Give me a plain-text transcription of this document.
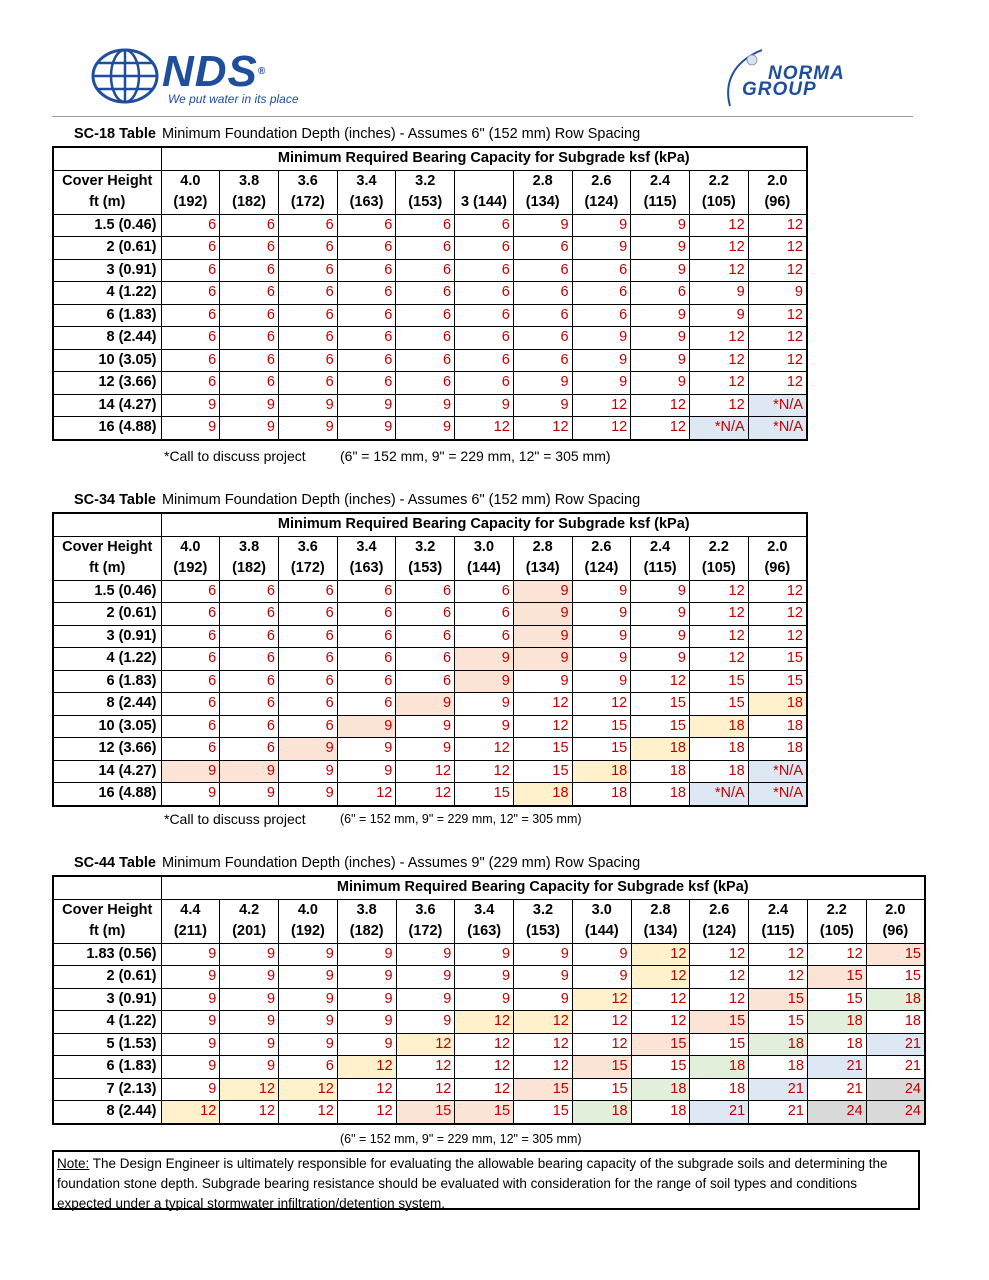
NDS®
We put water in its place
NORMA
GROUP
SC-18 Table Minimum Foundation Depth (inches) - Assumes 6" (152 mm) Row Spacing
	Minimum Required Bearing Capacity for Subgrade ksf (kPa)										
Cover Height	4.0	3.8	3.6	3.4	3.2		2.8	2.6	2.4	2.2	2.0
ft (m)	(192)	(182)	(172)	(163)	(153)	3 (144)	(134)	(124)	(115)	(105)	(96)
1.5 (0.46)	6	6	6	6	6	6	9	9	9	12	12
2 (0.61)	6	6	6	6	6	6	6	9	9	12	12
3 (0.91)	6	6	6	6	6	6	6	6	9	12	12
4 (1.22)	6	6	6	6	6	6	6	6	6	9	9
6 (1.83)	6	6	6	6	6	6	6	6	9	9	12
8 (2.44)	6	6	6	6	6	6	6	9	9	12	12
10 (3.05)	6	6	6	6	6	6	6	9	9	12	12
12 (3.66)	6	6	6	6	6	6	9	9	9	12	12
14 (4.27)	9	9	9	9	9	9	9	12	12	12	*N/A
16 (4.88)	9	9	9	9	9	12	12	12	12	*N/A	*N/A
*Call to discuss project (6" = 152 mm, 9" = 229 mm, 12" = 305 mm)
SC-34 Table Minimum Foundation Depth (inches) - Assumes 6" (152 mm) Row Spacing
	Minimum Required Bearing Capacity for Subgrade ksf (kPa)										
Cover Height	4.0	3.8	3.6	3.4	3.2	3.0	2.8	2.6	2.4	2.2	2.0
ft (m)	(192)	(182)	(172)	(163)	(153)	(144)	(134)	(124)	(115)	(105)	(96)
1.5 (0.46)	6	6	6	6	6	6	9	9	9	12	12
2 (0.61)	6	6	6	6	6	6	9	9	9	12	12
3 (0.91)	6	6	6	6	6	6	9	9	9	12	12
4 (1.22)	6	6	6	6	6	9	9	9	9	12	15
6 (1.83)	6	6	6	6	6	9	9	9	12	15	15
8 (2.44)	6	6	6	6	9	9	12	12	15	15	18
10 (3.05)	6	6	6	9	9	9	12	15	15	18	18
12 (3.66)	6	6	9	9	9	12	15	15	18	18	18
14 (4.27)	9	9	9	9	12	12	15	18	18	18	*N/A
16 (4.88)	9	9	9	12	12	15	18	18	18	*N/A	*N/A
*Call to discuss project	(6" = 152 mm, 9" = 229 mm, 12" = 305 mm)
SC-44 Table Minimum Foundation Depth (inches) - Assumes 9" (229 mm) Row Spacing
	Minimum Required Bearing Capacity for Subgrade ksf (kPa)												
Cover Height	4.4	4.2	4.0	3.8	3.6	3.4	3.2	3.0	2.8	2.6	2.4	2.2	2.0
ft (m)	(211)	(201)	(192)	(182)	(172)	(163)	(153)	(144)	(134)	(124)	(115)	(105)	(96)
1.83 (0.56)	9	9	9	9	9	9	9	9	12	12	12	12	15
2 (0.61)	9	9	9	9	9	9	9	9	12	12	12	15	15
3 (0.91)	9	9	9	9	9	9	9	12	12	12	15	15	18
4 (1.22)	9	9	9	9	9	12	12	12	12	15	15	18	18
5 (1.53)	9	9	9	9	12	12	12	12	15	15	18	18	21
6 (1.83)	9	9	6	12	12	12	12	15	15	18	18	21	21
7 (2.13)	9	12	12	12	12	12	15	15	18	18	21	21	24
8 (2.44)	12	12	12	12	15	15	15	18	18	21	21	24	24
(6" = 152 mm, 9" = 229 mm, 12" = 305 mm)
Note: The Design Engineer is ultimately responsible for evaluating the allowable bearing capacity of the subgrade soils and determining the foundation stone depth. Subgrade bearing resistance should be evaluated with consideration for the range of soil types and conditions expected under a typical stormwater infiltration/detention system.
